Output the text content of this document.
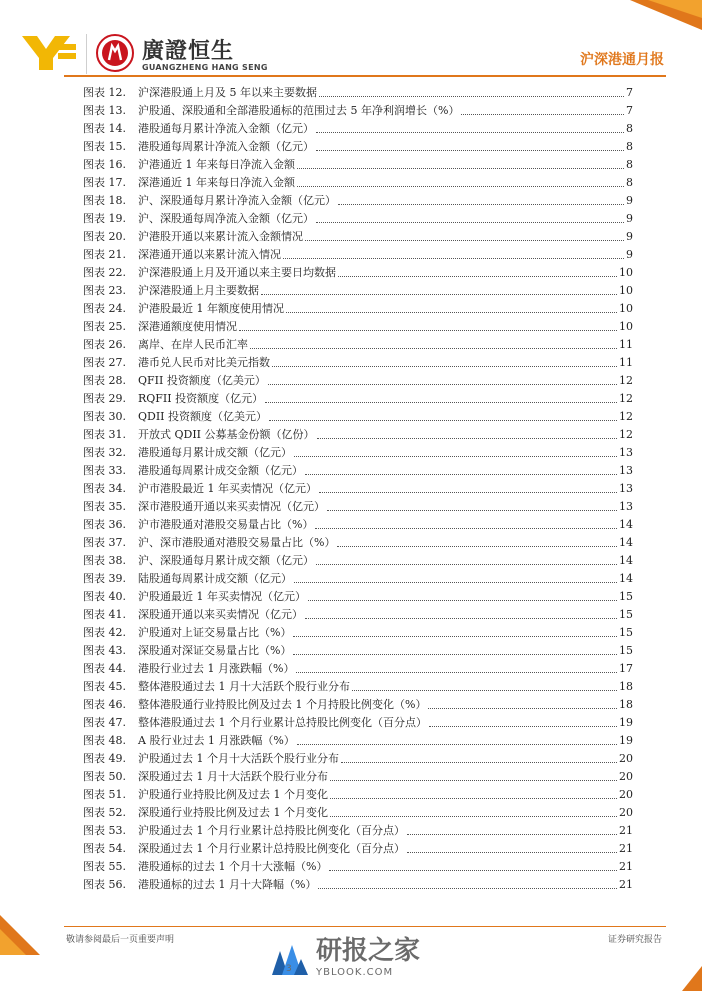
廣證恒生
GUANGZHENG HANG SENG	沪深港通月报
图表 12.	沪深港股通上月及 5 年以来主要数据	7
图表 13.	沪股通、深股通和全部港股通标的范围过去 5 年净利润增长（%）	7
图表 14.	港股通每月累计净流入金额（亿元）	8
图表 15.	港股通每周累计净流入金额（亿元）	8
图表 16.	沪港通近 1 年来每日净流入金额	8
图表 17.	深港通近 1 年来每日净流入金额	8
图表 18.	沪、深股通每月累计净流入金额（亿元）	9
图表 19.	沪、深股通每周净流入金额（亿元）	9
图表 20.	沪港股开通以来累计流入金额情况	9
图表 21.	深港通开通以来累计流入情况	9
图表 22.	沪深港股通上月及开通以来主要日均数据	10
图表 23.	沪深港股通上月主要数据	10
图表 24.	沪港股最近 1 年额度使用情况	10
图表 25.	深港通额度使用情况	10
图表 26.	离岸、在岸人民币汇率	11
图表 27.	港币兑人民币对比美元指数	11
图表 28.	QFII 投资额度（亿美元）	12
图表 29.	RQFII 投资额度（亿元）	12
图表 30.	QDII 投资额度（亿美元）	12
图表 31.	开放式 QDII 公募基金份额（亿份）	12
图表 32.	港股通每月累计成交额（亿元）	13
图表 33.	港股通每周累计成交金额（亿元）	13
图表 34.	沪市港股最近 1 年买卖情况（亿元）	13
图表 35.	深市港股通开通以来买卖情况（亿元）	13
图表 36.	沪市港股通对港股交易量占比（%）	14
图表 37.	沪、深市港股通对港股交易量占比（%）	14
图表 38.	沪、深股通每月累计成交额（亿元）	14
图表 39.	陆股通每周累计成交额（亿元）	14
图表 40.	沪股通最近 1 年买卖情况（亿元）	15
图表 41.	深股通开通以来买卖情况（亿元）	15
图表 42.	沪股通对上证交易量占比（%）	15
图表 43.	深股通对深证交易量占比（%）	15
图表 44.	港股行业过去 1 月涨跌幅（%）	17
图表 45.	整体港股通过去 1 月十大活跃个股行业分布	18
图表 46.	整体港股通行业持股比例及过去 1 个月持股比例变化（%）	18
图表 47.	整体港股通过去 1 个月行业累计总持股比例变化（百分点）	19
图表 48.	A 股行业过去 1 月涨跌幅（%）	19
图表 49.	沪股通过去 1 个月十大活跃个股行业分布	20
图表 50.	深股通过去 1 月十大活跃个股行业分布	20
图表 51.	沪股通行业持股比例及过去 1 个月变化	20
图表 52.	深股通行业持股比例及过去 1 个月变化	20
图表 53.	沪股通过去 1 个月行业累计总持股比例变化（百分点）	21
图表 54.	深股通过去 1 个月行业累计总持股比例变化（百分点）	21
图表 55.	港股通标的过去 1 个月十大涨幅（%）	21
图表 56.	港股通标的过去 1 月十大降幅（%）	21
敬请参阅最后一页重要声明	证券研究报告
3
研报之家
YBLOOK.COM
